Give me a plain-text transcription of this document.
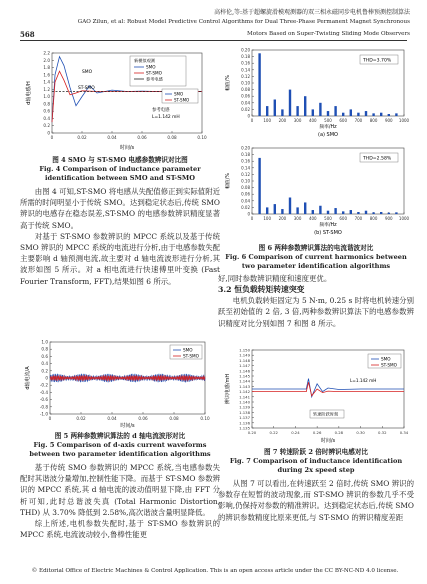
高梓伦,等:基于超螺旋滑模观测器的双三相永磁同步电机鲁棒预测控制算法
GAO Zilun, et al: Robust Model Predictive Control Algorithms for Dual Three-Phase Permanent Magnet Synchronous
568	Motors Based on Super-Twisting Sliding Mode Observers
0	0.02	0.04	0.06	0.08	0.10
0
0.2
0.4
0.6
0.8
1.0
1.2
1.4
1.6
1.8
2.0
2.2
时间/s
d轴电感/H
新模拟观测
SMO
ST-SMO
参考电感
SMO
ST-SMO
SMO
ST-SMO
参考电感
L=1.142 mH
图 4 SMO 与 ST-SMO 电感参数辨识对比图
Fig. 4 Comparison of inductance parameter
identification between SMO and ST-SMO

由图 4 可知,ST-SMO 将电感从失配值修正到实际值附近所需的时间明显小于传统 SMO。达到稳定状态后,传统 SMO 辨识的电感存在稳态误差,ST-SMO 的电感参数辨识精度显著高于传统 SMO。

对基于 ST-SMO 参数辨识的 MPCC 系统以及基于传统 SMO 辨识的 MPCC 系统的电流进行分析,由于电感参数失配主要影响 d 轴预测电流,故主要对 d 轴电流波形进行分析,其波形如图 5 所示。对 a 相电流进行快速傅里叶变换 (Fast Fourier Transform, FFT),结果如图 6 所示。

0	0.02	0.04	0.06	0.08	0.10
-1.0
-0.8
-0.6
-0.4
-0.2
0
0.2
0.4
0.6
0.8
1.0
时间/s
d轴电流/A
SMO
ST-SMO
图 5 两种参数辨识算法的 d 轴电流波形对比
Fig. 5 Comparison of d-axis current waveforms
between two parameter identification algorithms

基于传统 SMO 参数辨识的 MPCC 系统,当电感参数失配时其谐波分量增加,控制性能下降。而基于 ST-SMO 参数辨识的 MPCC 系统,其 d 轴电流的波动值明显下降,由 FFT 分析可知,此时总谐波失真 (Total Harmonic Distortion, THD) 从 3.70% 降低到 2.58%,高次谐波含量明显降低。

综上所述,电机参数失配时,基于 ST-SMO 参数辨识的 MPCC 系统,电流波动较小,鲁棒性能更

0	100 200 300 400 500 600 700 800 900 1000
0
0.02
0.04
0.06
0.08
0.10
0.12
0.14
0.16
0.18
0.20
频率/Hz
幅值/%
(a) SMO
THD=3.70%
0	100 200 300 400 500 600 700 800 900 1000
0
0.02
0.04
0.06
0.08
0.10
0.12
0.14
0.16
0.18
0.20
频率/Hz
幅值/%
(b) ST-SMO
THD=2.58%
图 6 两种参数辨识算法的电流谐波对比
Fig. 6 Comparison of current harmonics between
two parameter identification algorithms

好,同时参数辨识精度和速度更优。

3.2 恒负载转矩转速突变

电机负载转矩固定为 5 N·m, 0.25 s 时将电机转速分别跃至初始值的 2 倍, 3 倍,两种参数辨识算法下的电感参数辨识精度对比分别如图 7 和图 8 所示。

0.20	0.22	0.24	0.26	0.28	0.30	0.32	0.34
1.135
1.136
1.137
1.138
1.139
1.140
1.141
1.142
1.143
1.144
1.145
1.146
1.147
1.148
1.149
1.150
时间/s
辨识电感/mH
SMO
ST-SMO
L=1.142 mH
转速阶跃时刻
图 7 转速阶跃 2 倍时辨识电感对比
Fig. 7 Comparison of inductance identification
during 2x speed step

从图 7 可以看出,在转速跃至 2 倍时,传统 SMO 辨识的参数存在短暂的波动现象,而 ST-SMO 辨识的参数几乎不受影响,仍保持对参数的精准辨识。达到稳定状态后,传统 SMO 的辨识参数精度比原来更低,与 ST-SMO 的辨识精度差距

© Editorial Office of Electric Machines & Control Application. This is an open access article under the CC BY-NC-ND 4.0 license.
